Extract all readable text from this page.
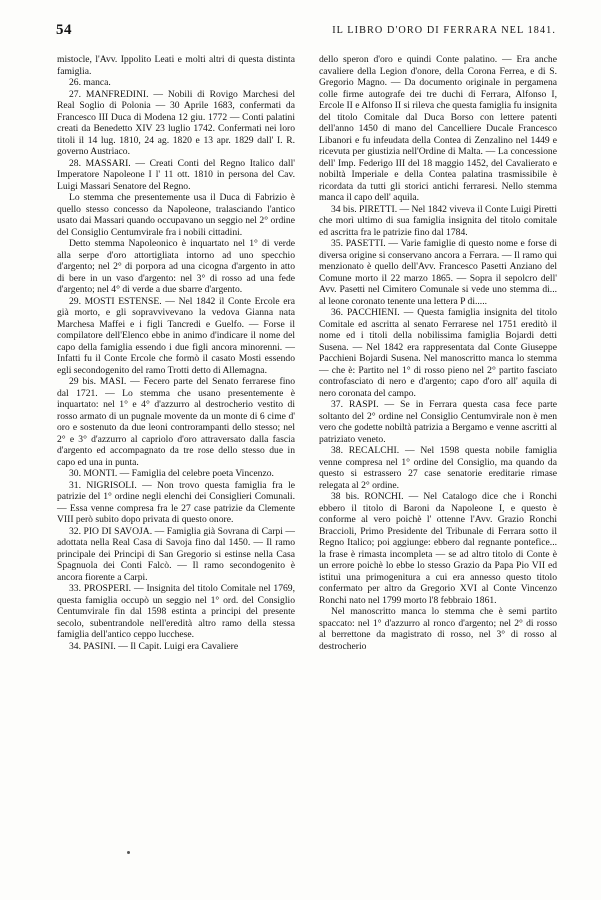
54	IL LIBRO D'ORO DI FERRARA NEL 1841.

mistocle, l'Avv. Ippolito Leati e molti altri di questa distinta famiglia.

26. manca.

27. MANFREDINI. — Nobili di Rovigo Marchesi del Real Soglio di Polonia — 30 Aprile 1683, confermati da Francesco III Duca di Modena 12 giu. 1772 — Conti palatini creati da Benedetto XIV 23 luglio 1742. Confermati nei loro titoli il 14 lug. 1810, 24 ag. 1820 e 13 apr. 1829 dall' I. R. governo Austriaco.

28. MASSARI. — Creati Conti del Regno Italico dall' Imperatore Napoleone I l' 11 ott. 1810 in persona del Cav. Luigi Massari Senatore del Regno.

Lo stemma che presentemente usa il Duca di Fabrizio è quello stesso concesso da Napoleone, tralasciando l'antico usato dai Massari quando occupavano un seggio nel 2° ordine del Consiglio Centumvirale fra i nobili cittadini.

Detto stemma Napoleonico è inquartato nel 1° di verde alla serpe d'oro attortigliata intorno ad uno specchio d'argento; nel 2° di porpora ad una cicogna d'argento in atto di bere in un vaso d'argento: nel 3° di rosso ad una fede d'argento; nel 4° di verde a due sbarre d'argento.

29. MOSTI ESTENSE. — Nel 1842 il Conte Ercole era già morto, e gli sopravvivevano la vedova Gianna nata Marchesa Maffei e i figli Tancredi e Guelfo. — Forse il compilatore dell'Elenco ebbe in animo d'indicare il nome del capo della famiglia essendo i due figli ancora minorenni. — Infatti fu il Conte Ercole che formò il casato Mosti essendo egli secondogenito del ramo Trotti detto di Allemagna.

29 bis. MASI. — Fecero parte del Senato ferrarese fino dal 1721. — Lo stemma che usano presentemente è inquartato: nel 1° e 4° d'azzurro al destrocherio vestito di rosso armato di un pugnale movente da un monte di 6 cime d' oro e sostenuto da due leoni controrampanti dello stesso; nel 2° e 3° d'azzurro al capriolo d'oro attraversato dalla fascia d'argento ed accompagnato da tre rose dello stesso due in capo ed una in punta.

30. MONTI. — Famiglia del celebre poeta Vincenzo.

31. NIGRISOLI. — Non trovo questa famiglia fra le patrizie del 1° ordine negli elenchi dei Consiglieri Comunali. — Essa venne compresa fra le 27 case patrizie da Clemente VIII però subito dopo privata di questo onore.

32. PIO DI SAVOJA. — Famiglia già Sovrana di Carpi — adottata nella Real Casa di Savoja fino dal 1450. — Il ramo principale dei Principi di San Gregorio si estinse nella Casa Spagnuola dei Conti Falcò. — Il ramo secondogenito è ancora fiorente a Carpi.

33. PROSPERI. — Insignita del titolo Comitale nel 1769, questa famiglia occupò un seggio nel 1° ord. del Consiglio Centumvirale fin dal 1598 estinta a principi del presente secolo, subentrandole nell'eredità altro ramo della stessa famiglia dell'antico ceppo lucchese.

34. PASINI. — Il Capit. Luigi era Cavaliere

dello speron d'oro e quindi Conte palatino. — Era anche cavaliere della Legion d'onore, della Corona Ferrea, e di S. Gregorio Magno. — Da documento originale in pergamena colle firme autografe dei tre duchi di Ferrara, Alfonso I, Ercole II e Alfonso II si rileva che questa famiglia fu insignita del titolo Comitale dal Duca Borso con lettere patenti dell'anno 1450 di mano del Cancelliere Ducale Francesco Libanori e fu infeudata della Contea di Zenzalino nel 1449 e ricevuta per giustizia nell'Ordine di Malta. — La concessione dell' Imp. Federigo III del 18 maggio 1452, del Cavalierato e nobiltà Imperiale e della Contea palatina trasmissibile è ricordata da tutti gli storici antichi ferraresi. Nello stemma manca il capo dell' aquila.

34 bis. PIRETTI. — Nel 1842 viveva il Conte Luigi Piretti che morì ultimo di sua famiglia insignita del titolo comitale ed ascritta fra le patrizie fino dal 1784.

35. PASETTI. — Varie famiglie di questo nome e forse di diversa origine si conservano ancora a Ferrara. — Il ramo qui menzionato è quello dell'Avv. Francesco Pasetti Anziano del Comune morto il 22 marzo 1865. — Sopra il sepolcro dell' Avv. Pasetti nel Cimitero Comunale si vede uno stemma di... al leone coronato tenente una lettera P di.....

36. PACCHIENI. — Questa famiglia insignita del titolo Comitale ed ascritta al senato Ferrarese nel 1751 ereditò il nome ed i titoli della nobilissima famiglia Bojardi detti Susena. — Nel 1842 era rappresentata dal Conte Giuseppe Pacchieni Bojardi Susena. Nel manoscritto manca lo stemma — che è: Partito nel 1° di rosso pieno nel 2° partito fasciato controfasciato di nero e d'argento; capo d'oro all' aquila di nero coronata del campo.

37. RASPI. — Se in Ferrara questa casa fece parte soltanto del 2° ordine nel Consiglio Centumvirale non è men vero che godette nobiltà patrizia a Bergamo e venne ascritti al patriziato veneto.

38. RECALCHI. — Nel 1598 questa nobile famiglia venne compresa nel 1° ordine del Consiglio, ma quando da questo si estrassero 27 case senatorie ereditarie rimase relegata al 2° ordine.

38 bis. RONCHI. — Nel Catalogo dice che i Ronchi ebbero il titolo di Baroni da Napoleone I, e questo è conforme al vero poichè l' ottenne l'Avv. Grazio Ronchi Braccioli, Primo Presidente del Tribunale di Ferrara sotto il Regno Italico; poi aggiunge: ebbero dal regnante pontefice... la frase è rimasta incompleta — se ad altro titolo di Conte è un errore poichè lo ebbe lo stesso Grazio da Papa Pio VII ed istituì una primogenitura a cui era annesso questo titolo confermato per altro da Gregorio XVI al Conte Vincenzo Ronchi nato nel 1799 morto l'8 febbraio 1861.

Nel manoscritto manca lo stemma che è semi partito spaccato: nel 1° d'azzurro al ronco d'argento; nel 2° di rosso al berrettone da magistrato di rosso, nel 3° di rosso al destrocherio
